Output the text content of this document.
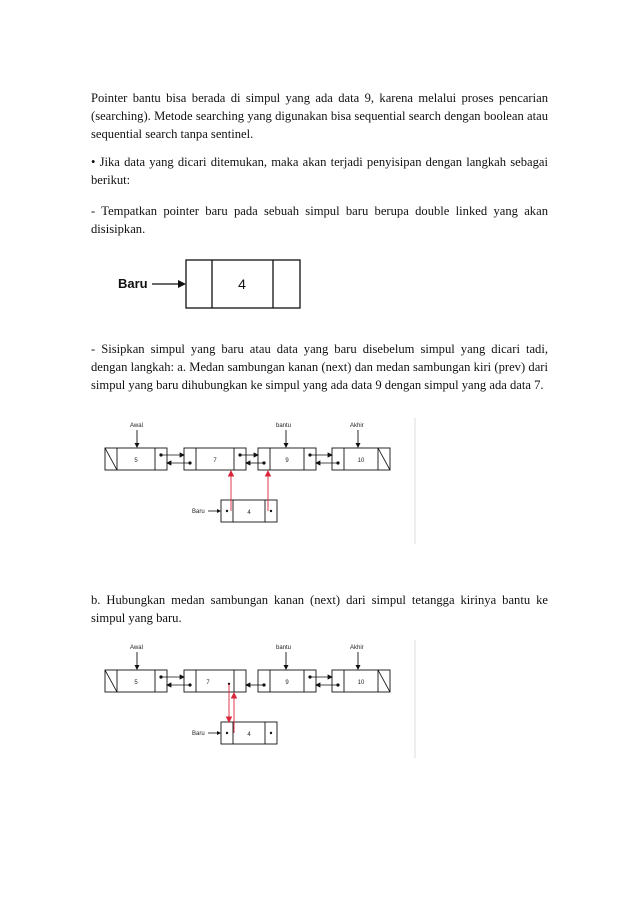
Pointer bantu bisa berada di simpul yang ada data 9, karena melalui proses pencarian (searching). Metode searching yang digunakan bisa sequential search dengan boolean atau sequential search tanpa sentinel.

• Jika data yang dicari ditemukan, maka akan terjadi penyisipan dengan langkah sebagai berikut:

- Tempatkan pointer baru pada sebuah simpul baru berupa double linked yang akan disisipkan.

Baru	4

- Sisipkan simpul yang baru atau data yang baru disebelum simpul yang dicari tadi, dengan langkah: a. Medan sambungan kanan (next) dan medan sambungan kiri (prev) dari simpul yang baru dihubungkan ke simpul yang ada data 9 dengan simpul yang ada data 7.

Awal	bantu	Akhir
5	7	9	10
Baru	4

b. Hubungkan medan sambungan kanan (next) dari simpul tetangga kirinya bantu ke simpul yang baru.

Awal	bantu	Akhir
5	7	9	10
Baru	4
